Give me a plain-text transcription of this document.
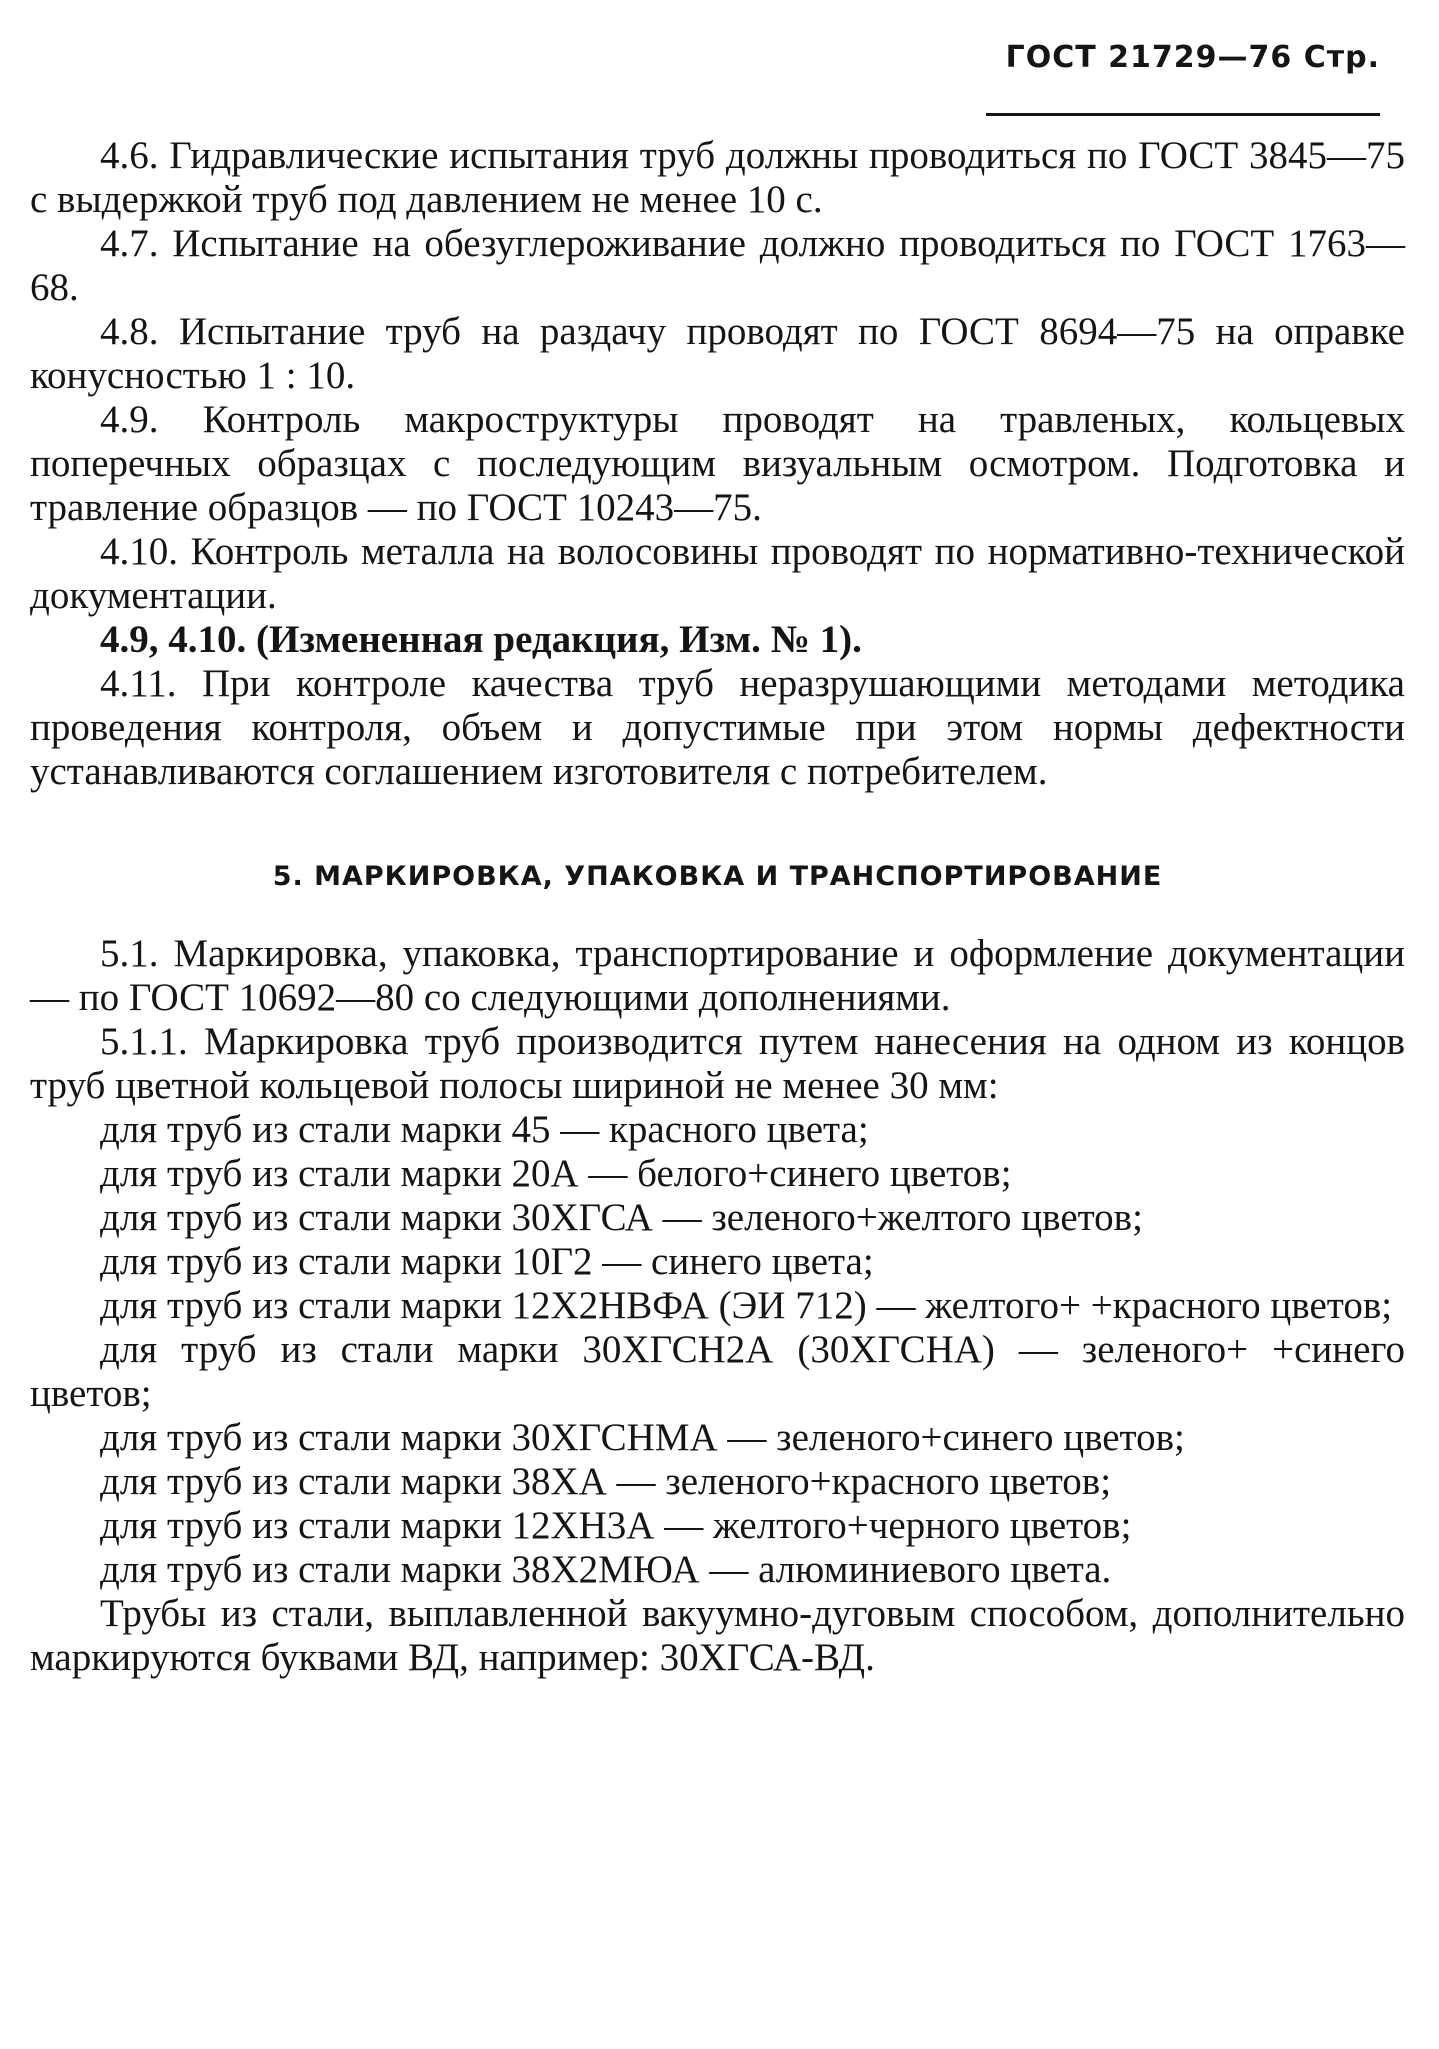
ГОСТ 21729—76 Стр.

4.6. Гидравлические испытания труб должны проводиться по ГОСТ 3845—75 с выдержкой труб под давлением не менее 10 с.

4.7. Испытание на обезуглероживание должно проводиться по ГОСТ 1763—68.

4.8. Испытание труб на раздачу проводят по ГОСТ 8694—75 на оправке конусностью 1 : 10.

4.9. Контроль макроструктуры проводят на травленых, кольцевых поперечных образцах с последующим визуальным осмотром. Подготовка и травление образцов — по ГОСТ 10243—75.

4.10. Контроль металла на волосовины проводят по нормативно-технической документации.

4.9, 4.10. (Измененная редакция, Изм. № 1).

4.11. При контроле качества труб неразрушающими методами методика проведения контроля, объем и допустимые при этом нормы дефектности устанавливаются соглашением изготовителя с потребителем.

5. МАРКИРОВКА, УПАКОВКА И ТРАНСПОРТИРОВАНИЕ

5.1. Маркировка, упаковка, транспортирование и оформление документации — по ГОСТ 10692—80 со следующими дополнениями.

5.1.1. Маркировка труб производится путем нанесения на одном из концов труб цветной кольцевой полосы шириной не менее 30 мм:

для труб из стали марки 45 — красного цвета;

для труб из стали марки 20А — белого+синего цветов;

для труб из стали марки 30ХГСА — зеленого+желтого цветов;

для труб из стали марки 10Г2 — синего цвета;

для труб из стали марки 12Х2НВФА (ЭИ 712) — желтого+ +красного цветов;

для труб из стали марки 30ХГСН2А (30ХГСНА) — зеленого+ +синего цветов;

для труб из стали марки 30ХГСНМА — зеленого+синего цветов;

для труб из стали марки 38ХА — зеленого+красного цветов;

для труб из стали марки 12ХН3А — желтого+черного цветов;

для труб из стали марки 38Х2МЮА — алюминиевого цвета.

Трубы из стали, выплавленной вакуумно-дуговым способом, дополнительно маркируются буквами ВД, например: 30ХГСА-ВД.
